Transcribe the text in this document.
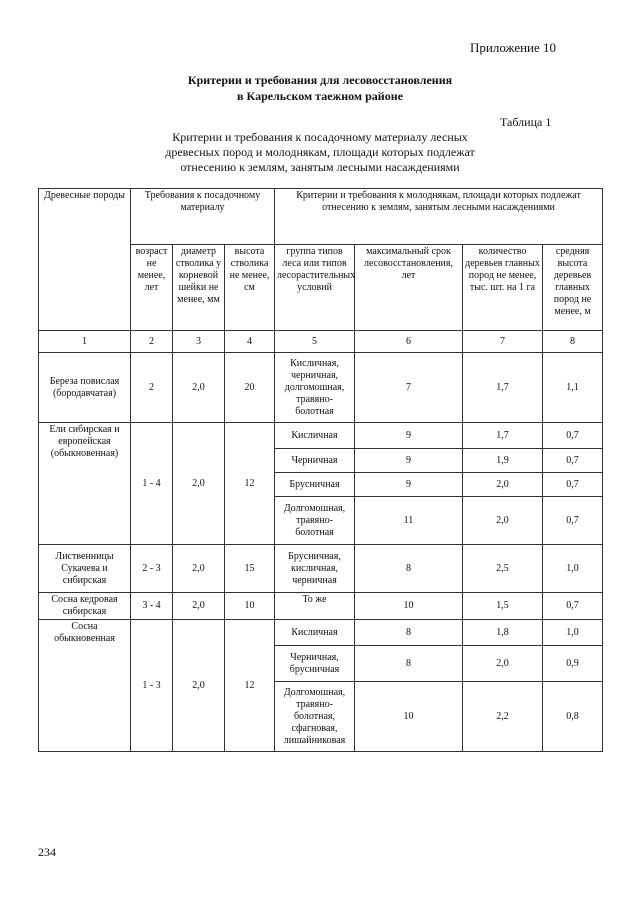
Приложение 10
Критерии и требования для лесовосстановления
в Карельском таежном районе
Таблица 1
Критерии и требования к посадочному материалу лесных
древесных пород и молоднякам, площади которых подлежат
отнесению к землям, занятым лесными насаждениями
Древесные породы	Требования к посадочному материалу			Критерии и требования к молоднякам, площади которых подлежат отнесению к землям, занятым лесными насаждениями			
	возраст не менее, лет	диаметр стволика у корневой шейки не менее, мм	высота стволика не менее, см	группа типов леса или типов лесорастительных условий	максимальный срок лесовосстановления, лет	количество деревьев главных пород не менее, тыс. шт. на 1 га	средняя высота деревьев главных пород не менее, м
1	2	3	4	5	6	7	8
Береза повислая (бородавчатая)	2	2,0	20	Кисличная, черничная, долгомошная, травяно-болотная	7	1,7	1,1
Ели сибирская и европейская (обыкновенная)	1 - 4	2,0	12	Кисличная	9	1,7	0,7
				Черничная	9	1,9	0,7
				Брусничная	9	2,0	0,7
				Долгомошная, травяно-болотная	11	2,0	0,7
Лиственницы Сукачева и сибирская	2 - 3	2,0	15	Брусничная, кисличная, черничная	8	2,5	1,0
Сосна кедровая сибирская	3 - 4	2,0	10	То же	10	1,5	0,7
Сосна обыкновенная	1 - 3	2,0	12	Кисличная	8	1,8	1,0
				Черничная, брусничная	8	2,0	0,9
				Долгомошная, травяно-болотная, сфагновая, лишайниковая	10	2,2	0,8
234
